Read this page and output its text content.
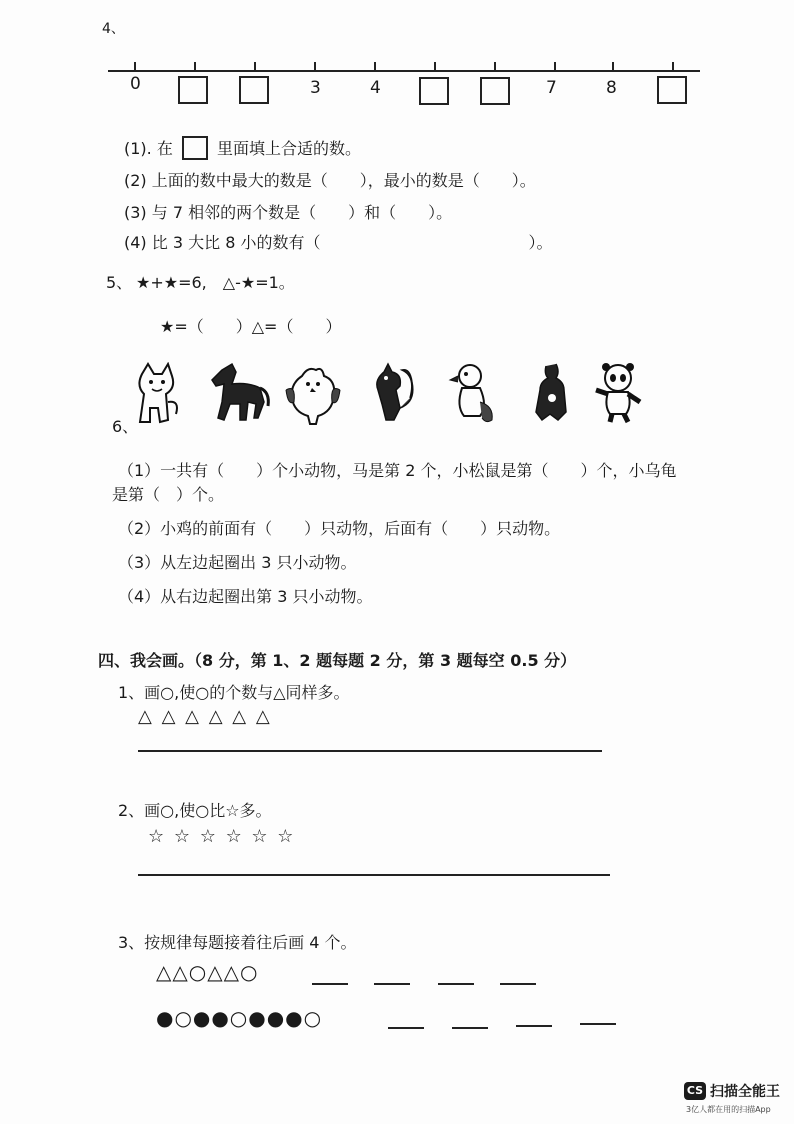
4、
0	3	4	7	8
(1). 在	里面填上合适的数。
(2) 上面的数中最大的数是（　　），最小的数是（　　）。
(3) 与 7 相邻的两个数是（　　）和（　　）。
(4) 比 3 大比 8 小的数有（　　　　　　　　　　　　　）。
5、 ★+★=6,　△-★=1。
★=（　　）△=（　　）
6、
（1）一共有（　　）个小动物，马是第 2 个，小松鼠是第（　　）个，小乌龟
是第（　）个。
（2）小鸡的前面有（　　）只动物，后面有（　　）只动物。
（3）从左边起圈出 3 只小动物。
（4）从右边起圈出第 3 只小动物。
四、我会画。（8 分，第 1、2 题每题 2 分，第 3 题每空 0.5 分）
1、画○,使○的个数与△同样多。
△ △ △ △ △ △
2、画○,使○比☆多。
☆ ☆ ☆ ☆ ☆ ☆
3、按规律每题接着往后画 4 个。
△△○△△○
●○●●○●●●○
CS 扫描全能王
3亿人都在用的扫描App
